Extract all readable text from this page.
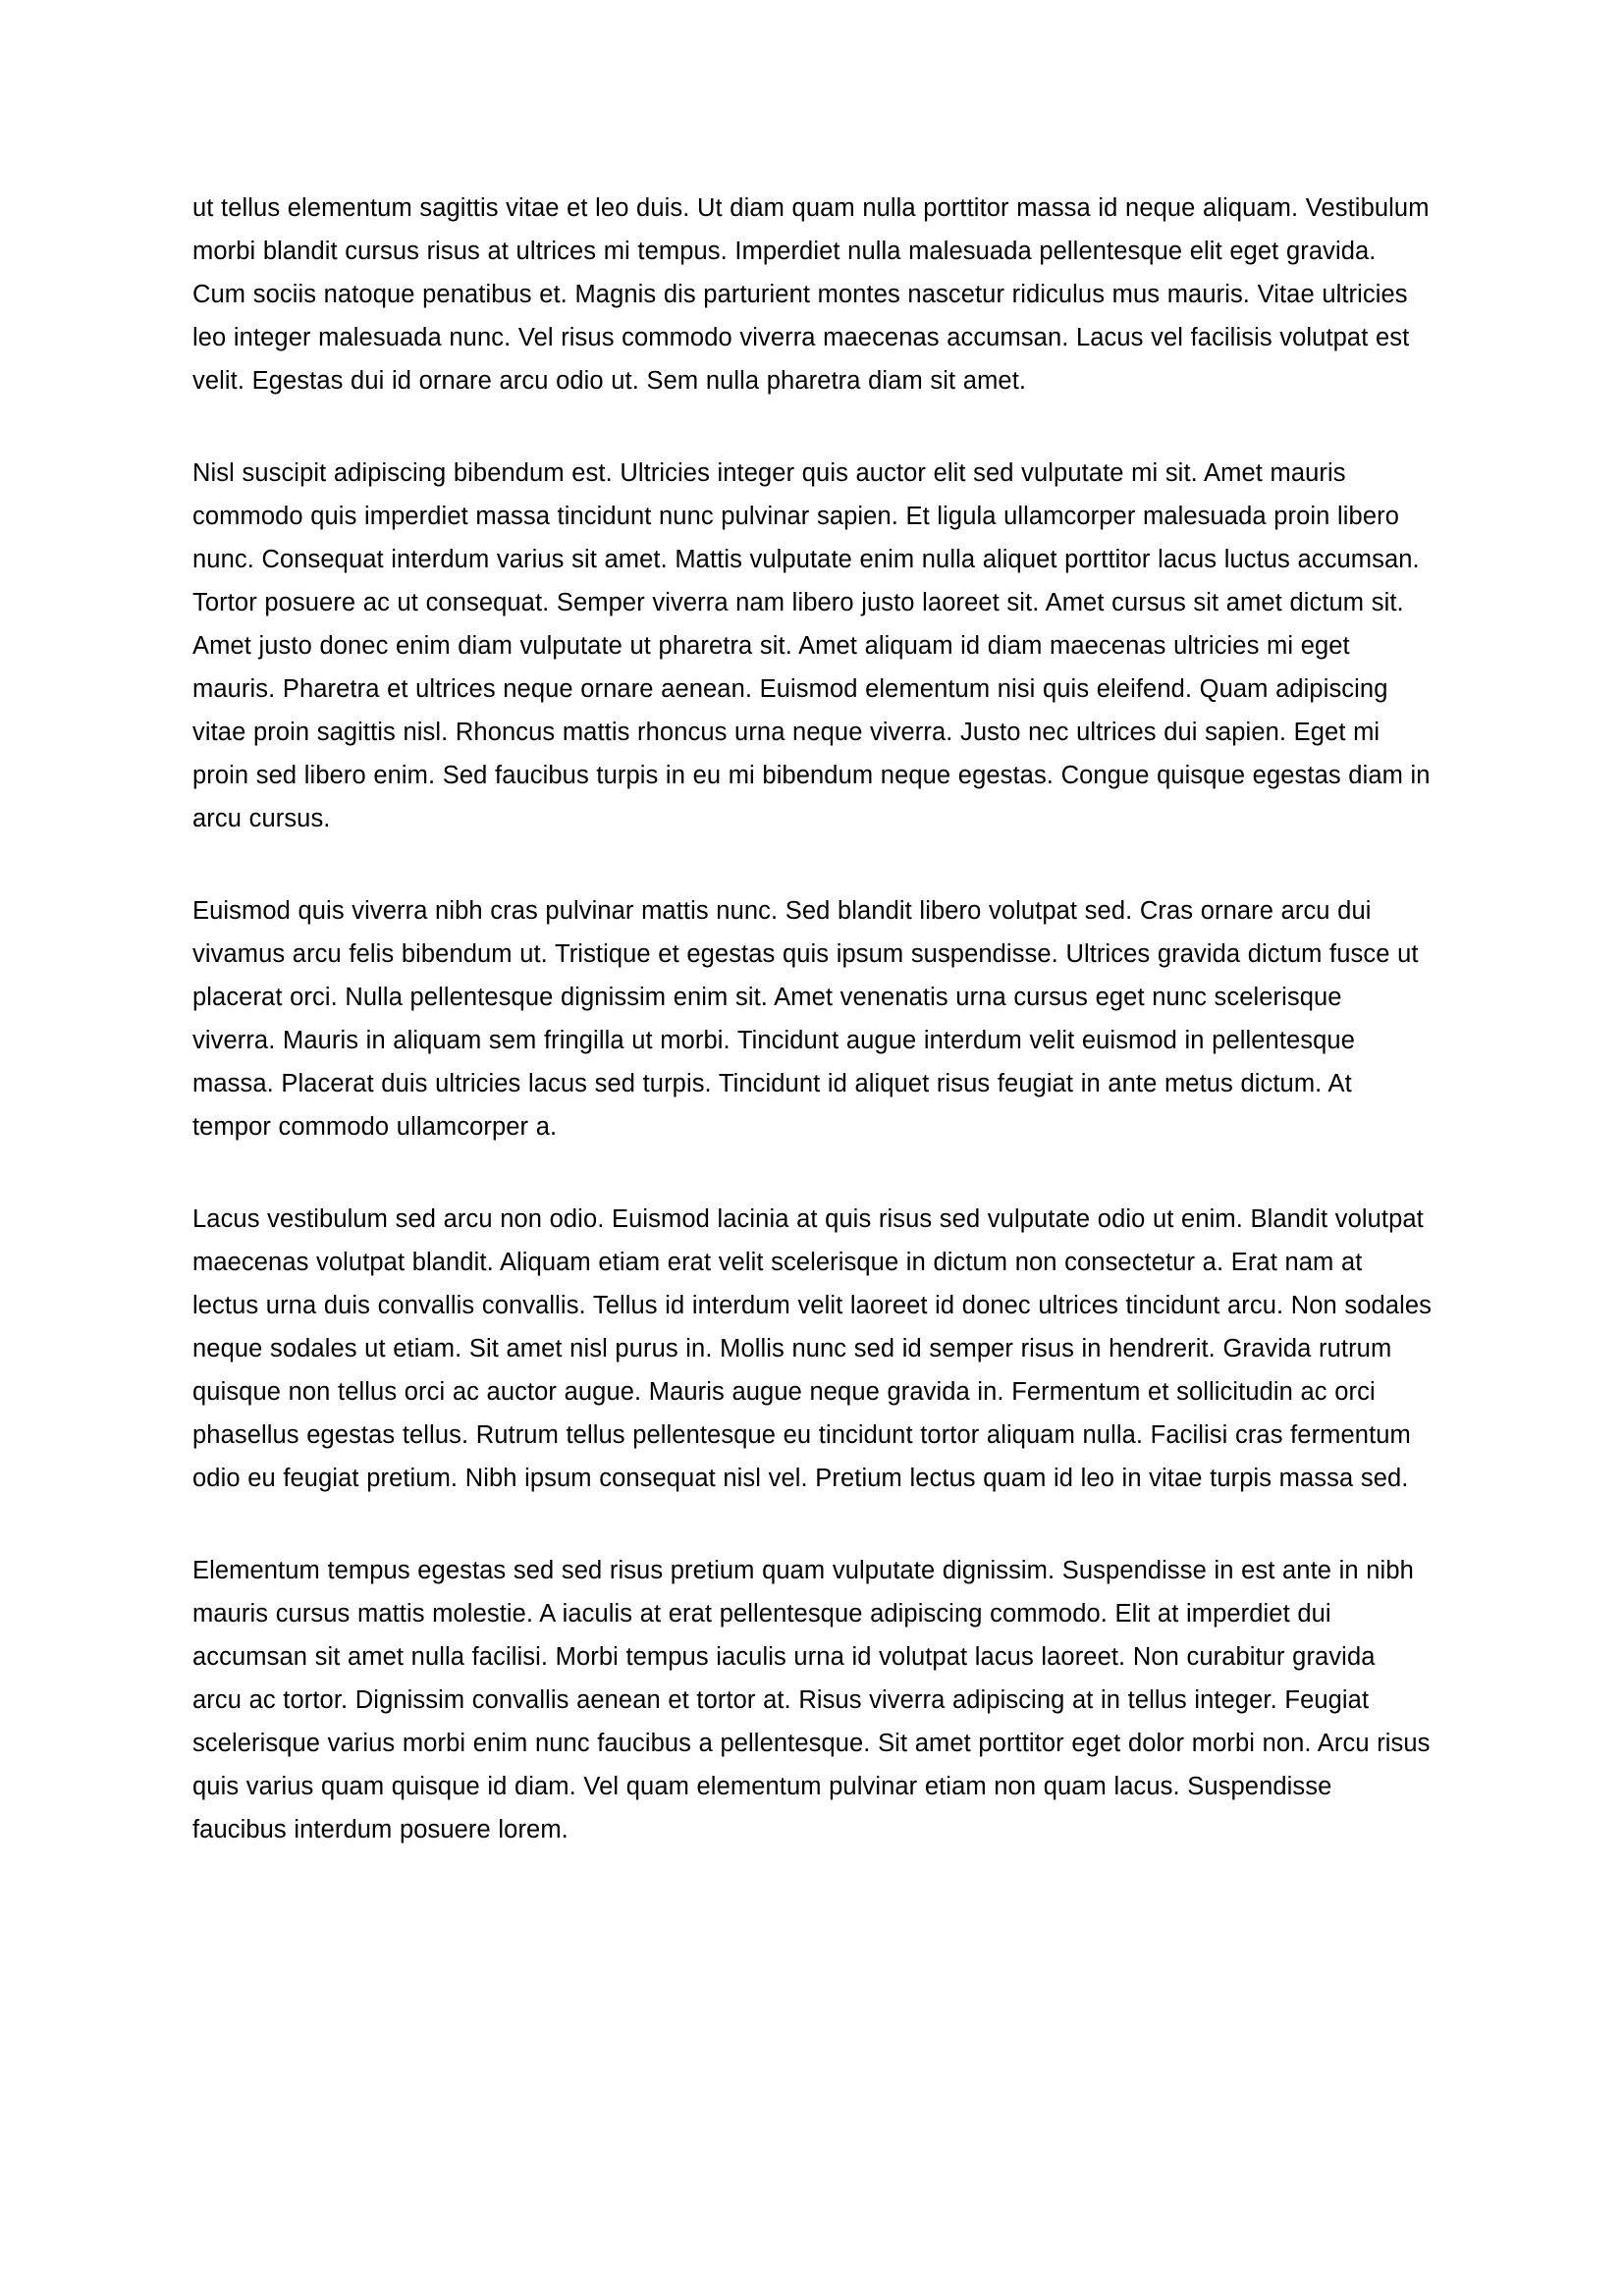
ut tellus elementum sagittis vitae et leo duis. Ut diam quam nulla porttitor massa id neque aliquam. Vestibulum morbi blandit cursus risus at ultrices mi tempus. Imperdiet nulla malesuada pellentesque elit eget gravida. Cum sociis natoque penatibus et. Magnis dis parturient montes nascetur ridiculus mus mauris. Vitae ultricies leo integer malesuada nunc. Vel risus commodo viverra maecenas accumsan. Lacus vel facilisis volutpat est velit. Egestas dui id ornare arcu odio ut. Sem nulla pharetra diam sit amet.

Nisl suscipit adipiscing bibendum est. Ultricies integer quis auctor elit sed vulputate mi sit. Amet mauris commodo quis imperdiet massa tincidunt nunc pulvinar sapien. Et ligula ullamcorper malesuada proin libero nunc. Consequat interdum varius sit amet. Mattis vulputate enim nulla aliquet porttitor lacus luctus accumsan. Tortor posuere ac ut consequat. Semper viverra nam libero justo laoreet sit. Amet cursus sit amet dictum sit. Amet justo donec enim diam vulputate ut pharetra sit. Amet aliquam id diam maecenas ultricies mi eget mauris. Pharetra et ultrices neque ornare aenean. Euismod elementum nisi quis eleifend. Quam adipiscing vitae proin sagittis nisl. Rhoncus mattis rhoncus urna neque viverra. Justo nec ultrices dui sapien. Eget mi proin sed libero enim. Sed faucibus turpis in eu mi bibendum neque egestas. Congue quisque egestas diam in arcu cursus.

Euismod quis viverra nibh cras pulvinar mattis nunc. Sed blandit libero volutpat sed. Cras ornare arcu dui vivamus arcu felis bibendum ut. Tristique et egestas quis ipsum suspendisse. Ultrices gravida dictum fusce ut placerat orci. Nulla pellentesque dignissim enim sit. Amet venenatis urna cursus eget nunc scelerisque viverra. Mauris in aliquam sem fringilla ut morbi. Tincidunt augue interdum velit euismod in pellentesque massa. Placerat duis ultricies lacus sed turpis. Tincidunt id aliquet risus feugiat in ante metus dictum. At tempor commodo ullamcorper a.

Lacus vestibulum sed arcu non odio. Euismod lacinia at quis risus sed vulputate odio ut enim. Blandit volutpat maecenas volutpat blandit. Aliquam etiam erat velit scelerisque in dictum non consectetur a. Erat nam at lectus urna duis convallis convallis. Tellus id interdum velit laoreet id donec ultrices tincidunt arcu. Non sodales neque sodales ut etiam. Sit amet nisl purus in. Mollis nunc sed id semper risus in hendrerit. Gravida rutrum quisque non tellus orci ac auctor augue. Mauris augue neque gravida in. Fermentum et sollicitudin ac orci phasellus egestas tellus. Rutrum tellus pellentesque eu tincidunt tortor aliquam nulla. Facilisi cras fermentum odio eu feugiat pretium. Nibh ipsum consequat nisl vel. Pretium lectus quam id leo in vitae turpis massa sed.

Elementum tempus egestas sed sed risus pretium quam vulputate dignissim. Suspendisse in est ante in nibh mauris cursus mattis molestie. A iaculis at erat pellentesque adipiscing commodo. Elit at imperdiet dui accumsan sit amet nulla facilisi. Morbi tempus iaculis urna id volutpat lacus laoreet. Non curabitur gravida arcu ac tortor. Dignissim convallis aenean et tortor at. Risus viverra adipiscing at in tellus integer. Feugiat scelerisque varius morbi enim nunc faucibus a pellentesque. Sit amet porttitor eget dolor morbi non. Arcu risus quis varius quam quisque id diam. Vel quam elementum pulvinar etiam non quam lacus. Suspendisse faucibus interdum posuere lorem.
